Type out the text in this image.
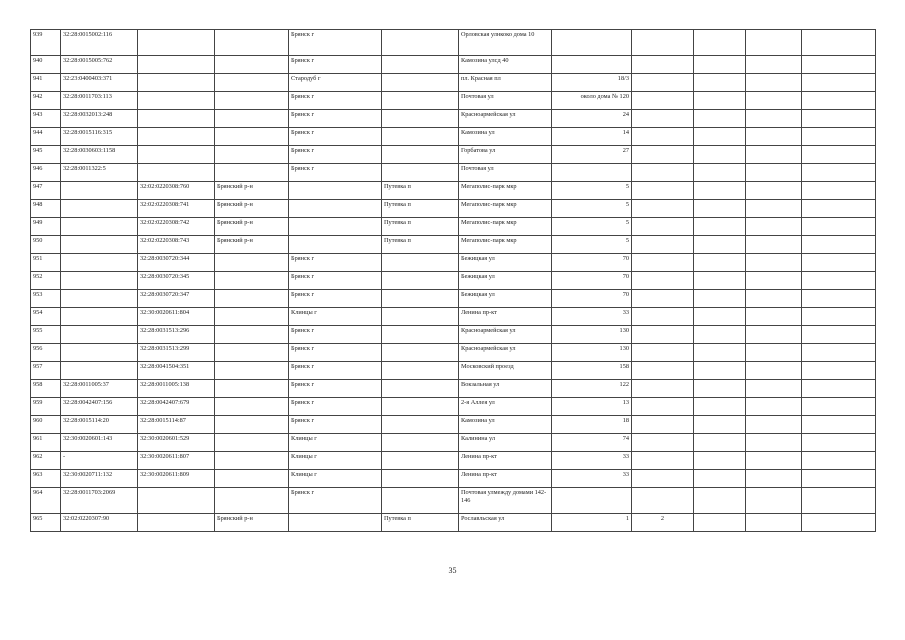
939	32:28:0015002:116			Брянск г		Орловская улнкоко дома 10					
940	32:28:0015005:762			Брянск г		Камозина улсд 40					
941	32:23:0400403:371			Стародуб г		пл. Красная пл	18/3				
942	32:28:0011703:113			Брянск г		Почтовая ул	около дома № 120				
943	32:28:0032013:248			Брянск г		Красноармейская ул	24				
944	32:28:0015116:315			Брянск г		Камозина ул	14				
945	32:28:0030603:1158			Брянск г		Горбатова ул	27				
946	32:28:0011322:5			Брянск г		Почтовая ул					
947		32:02:0220308:760	Брянский р-н		Путевка п	Мегаполис-парк мкр	5				
948		32:02:0220308:741	Брянский р-н		Путевка п	Мегаполис-парк мкр	5				
949		32:02:0220308:742	Брянский р-н		Путевка п	Мегаполис-парк мкр	5				
950		32:02:0220308:743	Брянский р-н		Путевка п	Мегаполис-парк мкр	5				
951		32:28:0030720:344		Брянск г		Бежицкая ул	70				
952		32:28:0030720:345		Брянск г		Бежицкая ул	70				
953		32:28:0030720:347		Брянск г		Бежицкая ул	70				
954		32:30:0020611:804		Клинцы г		Ленина пр-кт	33				
955		32:28:0031513:296		Брянск г		Красноармейская ул	130				
956		32:28:0031513:299		Брянск г		Красноармейская ул	130				
957		32:28:0041504:351		Брянск г		Московский проезд	158				
958	32:28:0011005:37	32:28:0011005:138		Брянск г		Вокзальная ул	122				
959	32:28:0042407:156	32:28:0042407:679		Брянск г		2-я Аллея ул	13				
960	32:28:0015114:20	32:28:0015114:87		Брянск г		Камозина ул	18				
961	32:30:0020601:143	32:30:0020601:529		Клинцы г		Калинина ул	74				
962	-	32:30:0020611:807		Клинцы г		Ленина пр-кт	33				
963	32:30:0020711:132	32:30:0020611:809		Клинцы г		Ленина пр-кт	33				
964	32:28:0011703:2069			Брянск г		Почтовая улмежду домами 142-146					
965	32:02:0220307:90		Брянский р-н		Путевка п	Рославльская ул	1	2			
35
